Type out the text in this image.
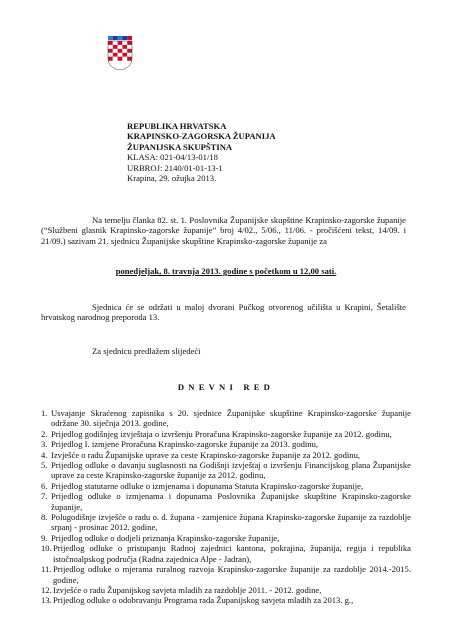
REPUBLIKA HRVATSKA
KRAPINSKO-ZAGORSKA ŽUPANIJA
ŽUPANIJSKA SKUPŠTINA
KLASA: 021-04/13-01/18
URBROJ: 2140/01-01-13-1
Krapina, 29. ožujka 2013.
Na temelju članka 82. st. 1. Poslovnika Županijske skupštine Krapinsko-zagorske županije (“Službeni glasnik Krapinsko-zagorske županije” broj 4/02., 5/06., 11/06. - pročišćeni tekst, 14/09. i 21/09.) sazivam 21. sjednicu Županijske skupštine Krapinsko-zagorske županije za
ponedjeljak, 8. travnja 2013. godine s početkom u 12,00 sati.
Sjednica će se održati u maloj dvorani Pučkog otvorenog učilišta u Krapini, Šetalište hrvatskog narodnog preporoda 13.
Za sjednicu predlažem slijedeći
DNEVNI RED
1. Usvajanje Skraćenog zapisnika s 20. sjednice Županijske skupštine Krapinsko-zagorske županije održane 30. siječnja 2013. godine,
2. Prijedlog godišnjeg izvještaja o izvršenju Proračuna Krapinsko-zagorske županije za 2012. godinu,
3. Prijedlog I. izmjene Proračuna Krapinsko-zagorske županije za 2013. godinu,
4. Izvješće o radu Županijske uprave za ceste Krapinsko-zagorske županije za 2012. godinu,
5. Prijedlog odluke o davanju suglasnosti na Godišnji izvještaj o izvršenju Financijskog plana Županijske uprave za ceste Krapinsko-zagorske županije za 2012. godinu,
6. Prijedlog statutarne odluke o izmjenama i dopunama Statuta Krapinsko-zagorske županije,
7. Prijedlog odluke o izmjenama i dopunama Poslovnika Županijske skupštine Krapinsko-zagorske županije,
8. Polugodišnje izvješće o radu o. d. župana - zamjenice župana Krapinsko-zagorske županije za razdoblje srpanj - prosinac 2012. godine,
9. Prijedlog odluke o dodjeli priznanja Krapinsko-zagorske županije,
10. Prijedlog odluke o pristupanju Radnoj zajednici kantona, pokrajina, županija, regija i republika istočnoalpskog područja (Radna zajednica Alpe - Jadran),
11. Prijedlog odluke o mjerama ruralnog razvoja Krapinsko-zagorske županije za razdoblje 2014.-2015. godine,
12. Izvješće o radu Županijskog savjeta mladih za razdoblje 2011. - 2012. godine,
13. Prijedlog odluke o odobravanju Programa rada Županijskog savjeta mladih za 2013. g.,
